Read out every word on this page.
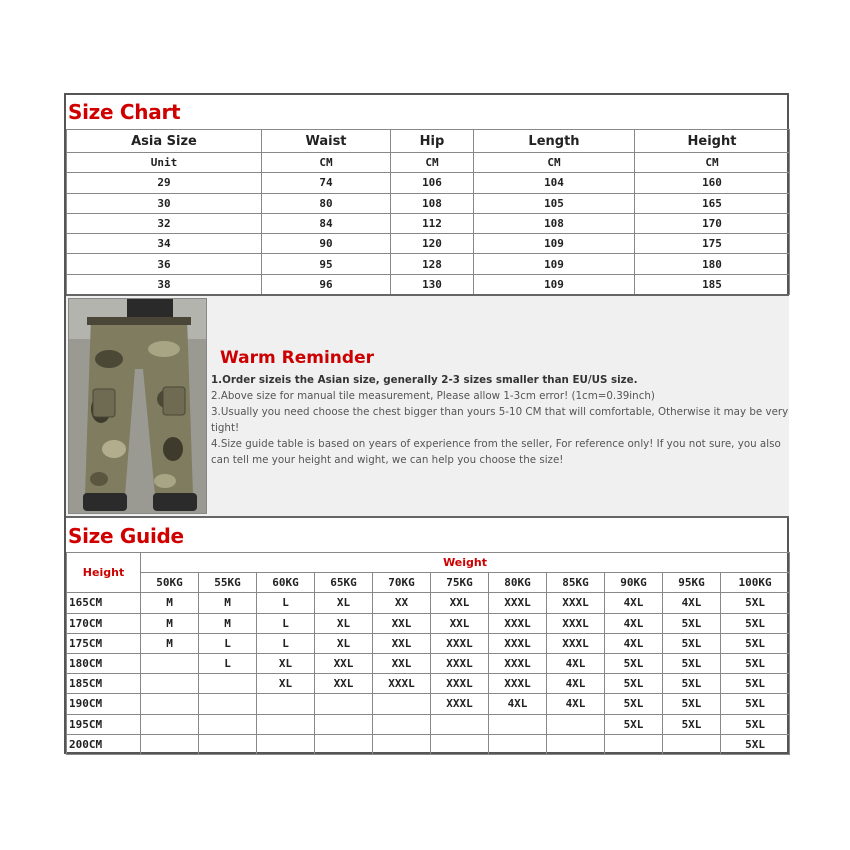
Size Chart
Asia Size	Waist	Hip	Length	Height
Unit	CM	CM	CM	CM
29	74	106	104	160
30	80	108	105	165
32	84	112	108	170
34	90	120	109	175
36	95	128	109	180
38	96	130	109	185
Warm Reminder

1.Order sizeis the Asian size, generally 2-3 sizes smaller than EU/US size.

2.Above size for manual tile measurement, Please allow 1-3cm error! (1cm=0.39inch)

3.Usually you need choose the chest bigger than yours 5-10 CM that will comfortable, Otherwise it may be very tight!

4.Size guide table is based on years of experience from the seller, For reference only! If you not sure, you also can tell me your height and wight, we can help you choose the size!

Size Guide
Height	Weight										
	50KG	55KG	60KG	65KG	70KG	75KG	80KG	85KG	90KG	95KG	100KG
165CM	M	M	L	XL	XX	XXL	XXXL	XXXL	4XL	4XL	5XL
170CM	M	M	L	XL	XXL	XXL	XXXL	XXXL	4XL	5XL	5XL
175CM	M	L	L	XL	XXL	XXXL	XXXL	XXXL	4XL	5XL	5XL
180CM		L	XL	XXL	XXL	XXXL	XXXL	4XL	5XL	5XL	5XL
185CM			XL	XXL	XXXL	XXXL	XXXL	4XL	5XL	5XL	5XL
190CM						XXXL	4XL	4XL	5XL	5XL	5XL
195CM									5XL	5XL	5XL
200CM											5XL
